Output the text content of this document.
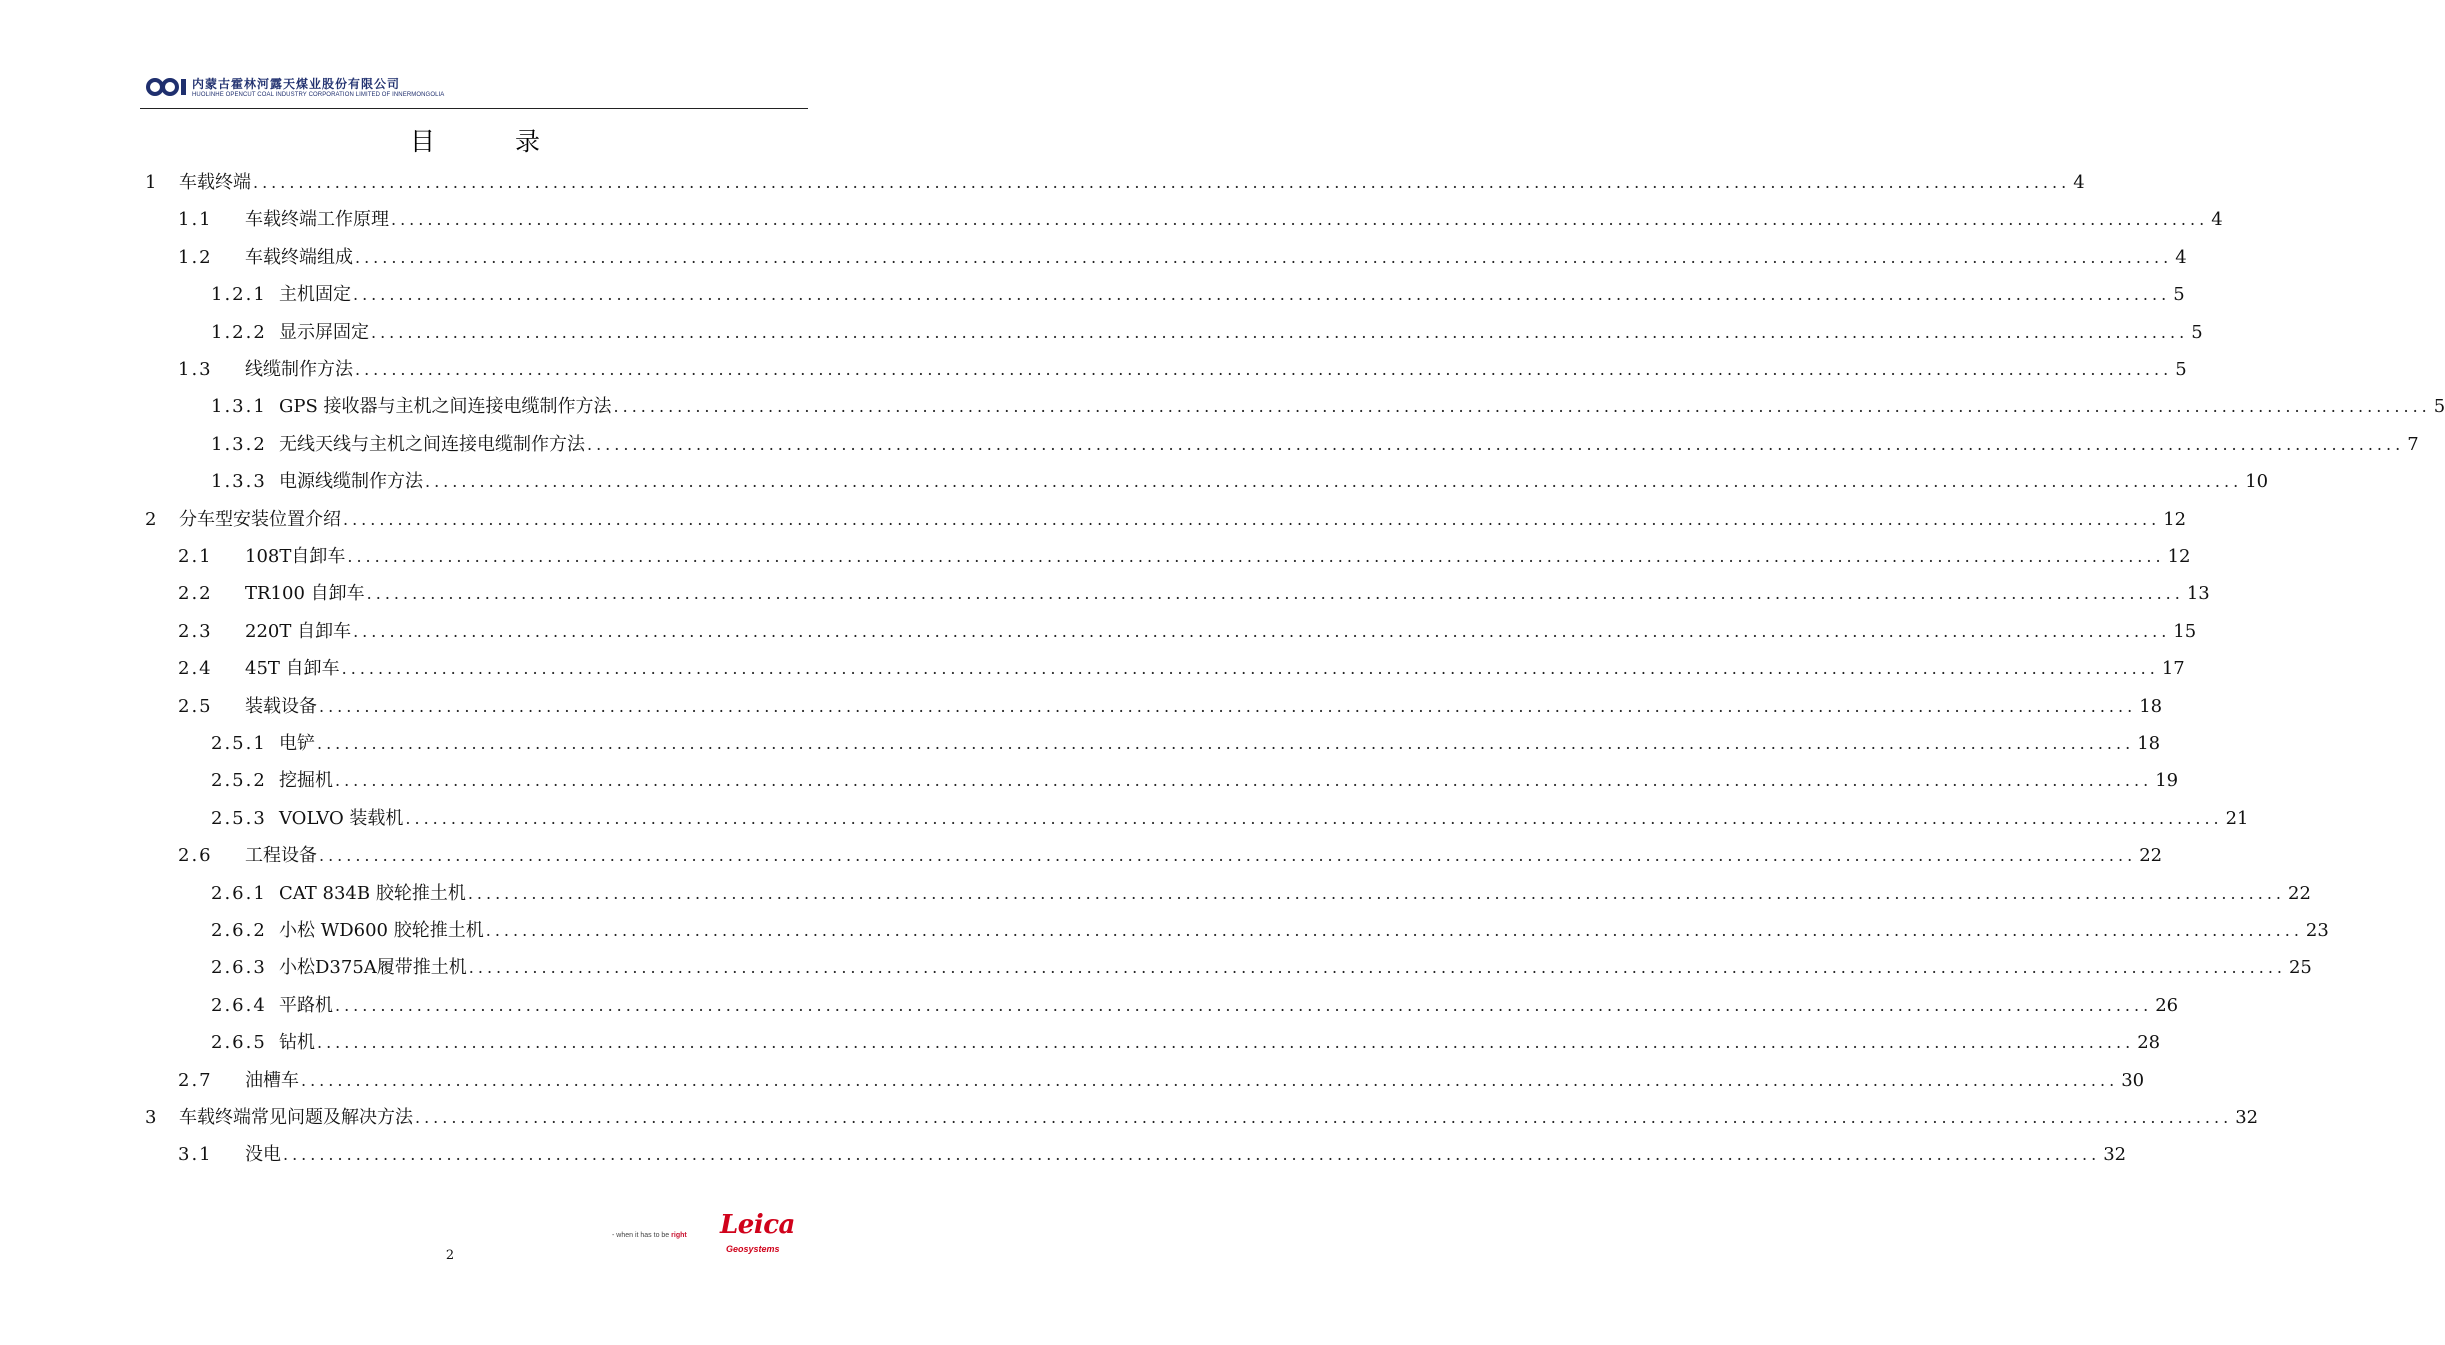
内蒙古霍林河露天煤业股份有限公司
HUOLINHE OPENCUT COAL INDUSTRY CORPORATION LIMITED OF INNERMONGOLIA
目 录
1	车载终端 ........................................................................................................................................................................................................ 4
1.1	车载终端工作原理 ........................................................................................................................................................................................................ 4
1.2	车载终端组成 ........................................................................................................................................................................................................ 4
1.2.1 主机固定 ........................................................................................................................................................................................................ 5
1.2.2 显示屏固定 ........................................................................................................................................................................................................ 5
1.3	线缆制作方法 ........................................................................................................................................................................................................ 5
1.3.1 GPS 接收器与主机之间连接电缆制作方法 ........................................................................................................................................................................................................ 5
1.3.2 无线天线与主机之间连接电缆制作方法 ........................................................................................................................................................................................................ 7
1.3.3 电源线缆制作方法 ........................................................................................................................................................................................................ 10
2	分车型安装位置介绍 ........................................................................................................................................................................................................ 12
2.1	108T自卸车 ........................................................................................................................................................................................................ 12
2.2	TR100 自卸车 ........................................................................................................................................................................................................ 13
2.3	220T 自卸车 ........................................................................................................................................................................................................ 15
2.4	45T 自卸车 ........................................................................................................................................................................................................ 17
2.5	装载设备 ........................................................................................................................................................................................................ 18
2.5.1 电铲 ........................................................................................................................................................................................................ 18
2.5.2 挖掘机 ........................................................................................................................................................................................................ 19
2.5.3 VOLVO 装载机 ........................................................................................................................................................................................................ 21
2.6	工程设备 ........................................................................................................................................................................................................ 22
2.6.1 CAT 834B 胶轮推土机 ........................................................................................................................................................................................................ 22
2.6.2 小松 WD600 胶轮推土机 ........................................................................................................................................................................................................ 23
2.6.3 小松D375A履带推土机 ........................................................................................................................................................................................................ 25
2.6.4 平路机 ........................................................................................................................................................................................................ 26
2.6.5 钻机 ........................................................................................................................................................................................................ 28
2.7	油槽车 ........................................................................................................................................................................................................ 30
3	车载终端常见问题及解决方法 ........................................................................................................................................................................................................ 32
3.1	没电 ........................................................................................................................................................................................................ 32
2
- when it has to be right Leica
Geosystems
